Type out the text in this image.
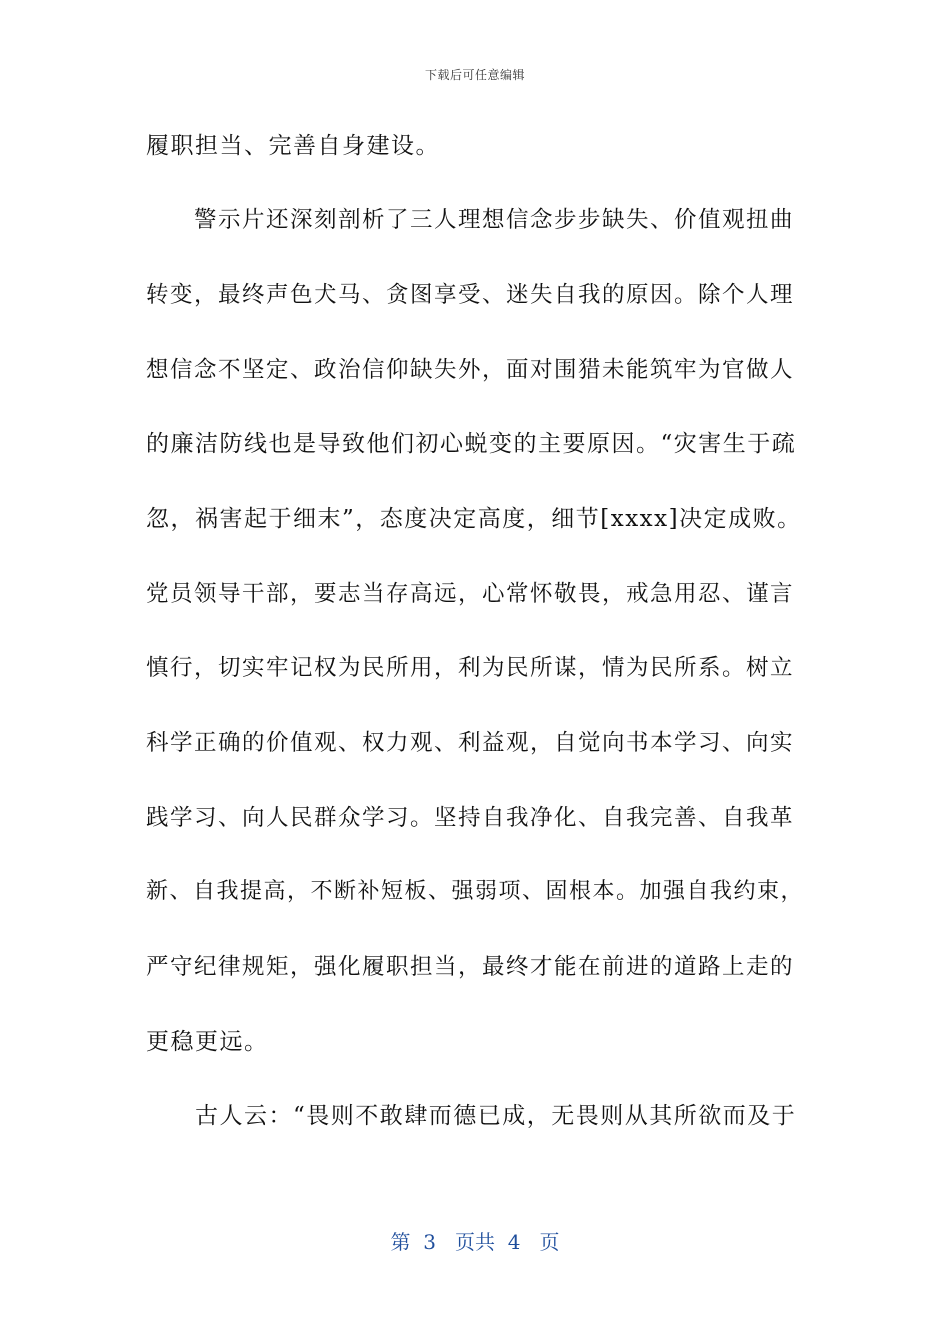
下载后可任意编辑
履职担当、完善自身建设。
　　警示片还深刻剖析了三人理想信念步步缺失、价值观扭曲
转变，最终声色犬马、贪图享受、迷失自我的原因。除个人理
想信念不坚定、政治信仰缺失外，面对围猎未能筑牢为官做人
的廉洁防线也是导致他们初心蜕变的主要原因。“灾害生于疏
忽，祸害起于细末”，态度决定高度，细节[xxxx]决定成败。
党员领导干部，要志当存高远，心常怀敬畏，戒急用忍、谨言
慎行，切实牢记权为民所用，利为民所谋，情为民所系。树立
科学正确的价值观、权力观、利益观，自觉向书本学习、向实
践学习、向人民群众学习。坚持自我净化、自我完善、自我革
新、自我提高，不断补短板、强弱项、固根本。加强自我约束，
严守纪律规矩，强化履职担当，最终才能在前进的道路上走的
更稳更远。
　　古人云：“畏则不敢肆而德已成，无畏则从其所欲而及于
第  3   页共  4   页
